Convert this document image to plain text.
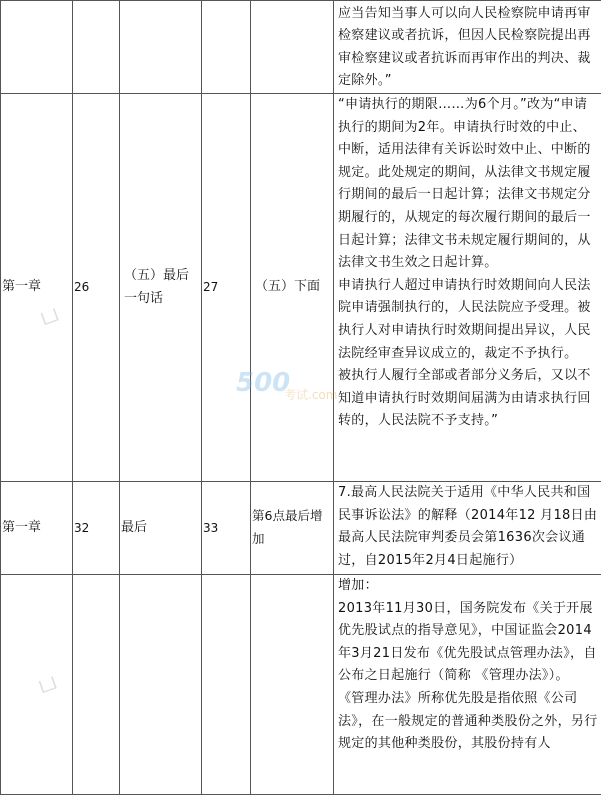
					应当告知当事人可以向人民检察院申请再审检察建议或者抗诉，但因人民检察院提出再审检察建议或者抗诉而再审作出的判决、裁定除外。”

第一章	26	（五）最后一句话	27	（五）下面	“申请执行的期限……为6个月。”改为“申请执行的期间为2年。申请执行时效的中止、中断，适用法律有关诉讼时效中止、中断的规定。此处规定的期间，从法律文书规定履行期间的最后一日起计算；法律文书规定分期履行的，从规定的每次履行期间的最后一日起计算；法律文书未规定履行期间的，从法律文书生效之日起计算。

申请执行人超过申请执行时效期间向人民法院申请强制执行的，人民法院应予受理。被执行人对申请执行时效期间提出异议，人民法院经审查异议成立的，裁定不予执行。

被执行人履行全部或者部分义务后，又以不知道申请执行时效期间届满为由请求执行回转的，人民法院不予支持。”

第一章	32	最后	33	第6点最后增加	7.最高人民法院关于适用《中华人民共和国民事诉讼法》的解释（2014年12 月18日由最高人民法院审判委员会第1636次会议通过，自2015年2月4日起施行）

					增加：

2013年11月30日，国务院发布《关于开展优先股试点的指导意见》，中国证监会2014年3月21日发布《优先股试点管理办法》，自公布之日起施行（简称 《管理办法》）。

《管理办法》所称优先股是指依照《公司法》，在一般规定的普通种类股份之外，另行规定的其他种类股份，其股份持有人

ப
ப
500
考试.com
